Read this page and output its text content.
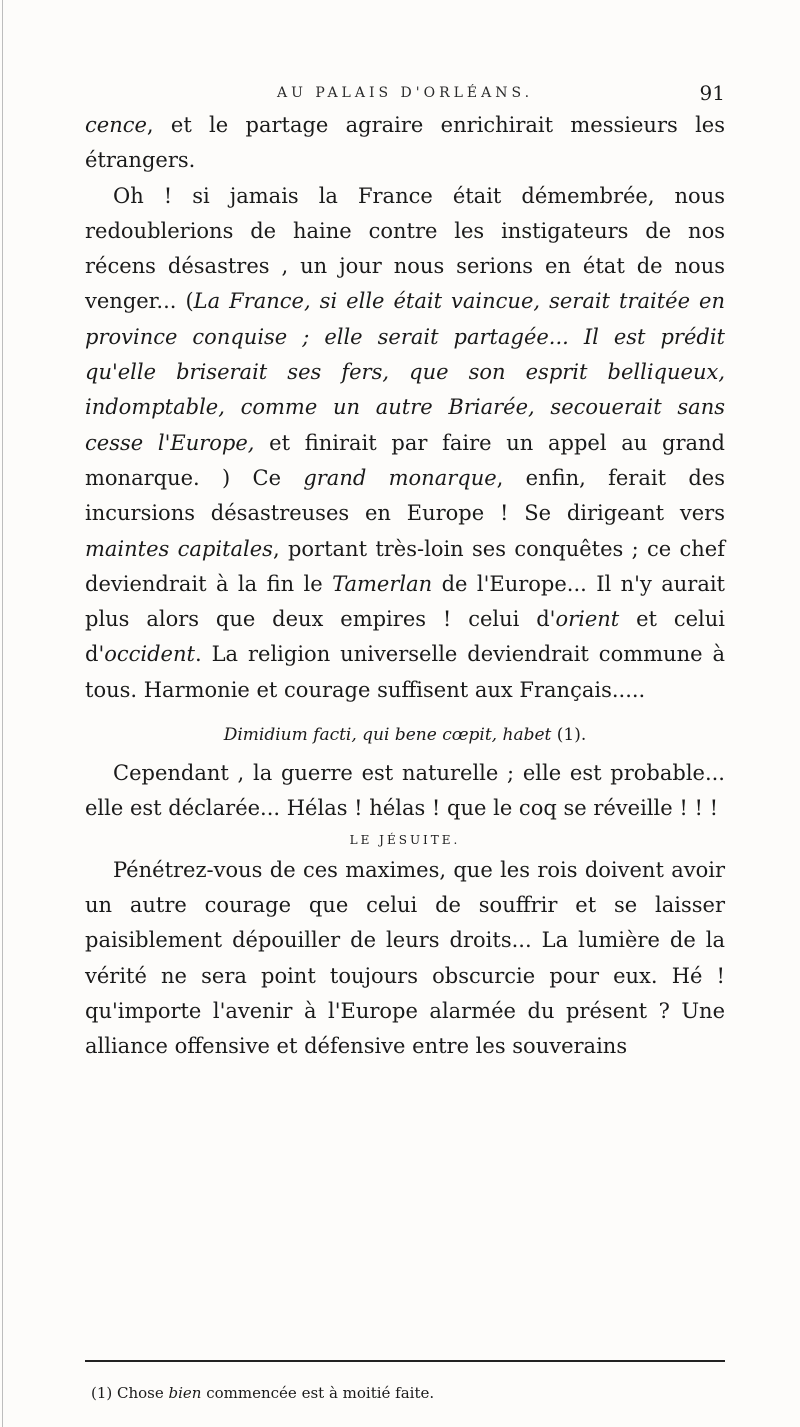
AU PALAIS D'ORLÉANS.	91

cence, et le partage agraire enrichirait messieurs les étrangers.

Oh ! si jamais la France était démembrée, nous redoublerions de haine contre les instigateurs de nos récens désastres , un jour nous serions en état de nous venger... (La France, si elle était vaincue, serait traitée en province conquise ; elle serait partagée... Il est prédit qu'elle briserait ses fers, que son esprit belliqueux, indomptable, comme un autre Briarée, secouerait sans cesse l'Europe, et finirait par faire un appel au grand monarque. ) Ce grand monarque, enfin, ferait des incursions désastreuses en Europe ! Se dirigeant vers maintes capitales, portant très-loin ses conquêtes ; ce chef deviendrait à la fin le Tamerlan de l'Europe... Il n'y aurait plus alors que deux empires ! celui d'orient et celui d'occident. La religion universelle deviendrait commune à tous. Harmonie et courage suffisent aux Français.....

Dimidium facti, qui bene cœpit, habet (1).

Cependant , la guerre est naturelle ; elle est probable... elle est déclarée... Hélas ! hélas ! que le coq se réveille ! ! !

LE JÉSUITE.

Pénétrez-vous de ces maximes, que les rois doivent avoir un autre courage que celui de souffrir et se laisser paisiblement dépouiller de leurs droits... La lumière de la vérité ne sera point toujours obscurcie pour eux. Hé ! qu'importe l'avenir à l'Europe alarmée du présent ? Une alliance offensive et défensive entre les souverains

(1) Chose bien commencée est à moitié faite.
